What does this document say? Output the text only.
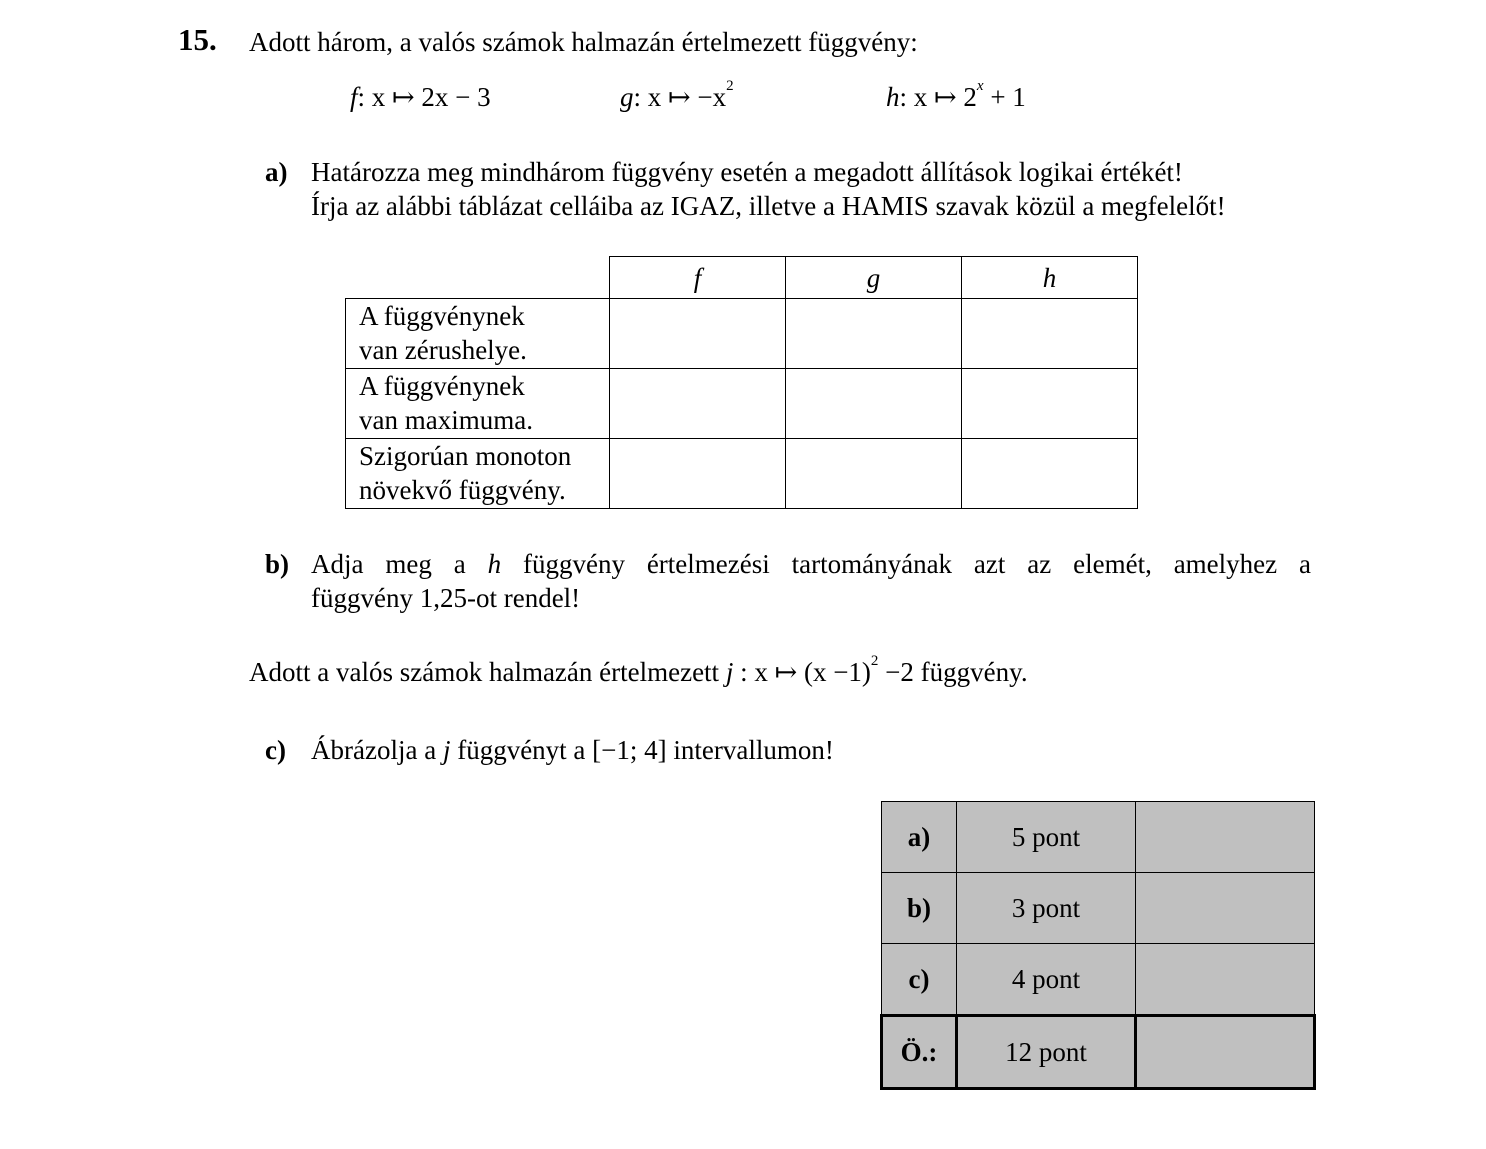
15. Adott három, a valós számok halmazán értelmezett függvény:
f: x ↦ 2x − 3	g: x ↦ $-x^2$	h: x ↦ $2^x + 1$
a) Határozza meg mindhárom függvény esetén a megadott állítások logikai értékét!
Írja az alábbi táblázat celláiba az IGAZ, illetve a HAMIS szavak közül a megfelelőt!
	f	g	h

A függvénynek
van zérushelye.			

A függvénynek
van maximuma.			

Szigorúan monoton
növekvő függvény.			

b) Adja meg a h függvény értelmezési tartományának azt az elemét, amelyhez a
függvény 1,25-ot rendel!
Adott a valós számok halmazán értelmezett j : x ↦ $(x -1)^2 -2$ függvény.
c) Ábrázolja a j függvényt a [−1; 4] intervallumon!
a)	5 pont	
b)	3 pont	
c)	4 pont	
Ö.:	12 pont	
